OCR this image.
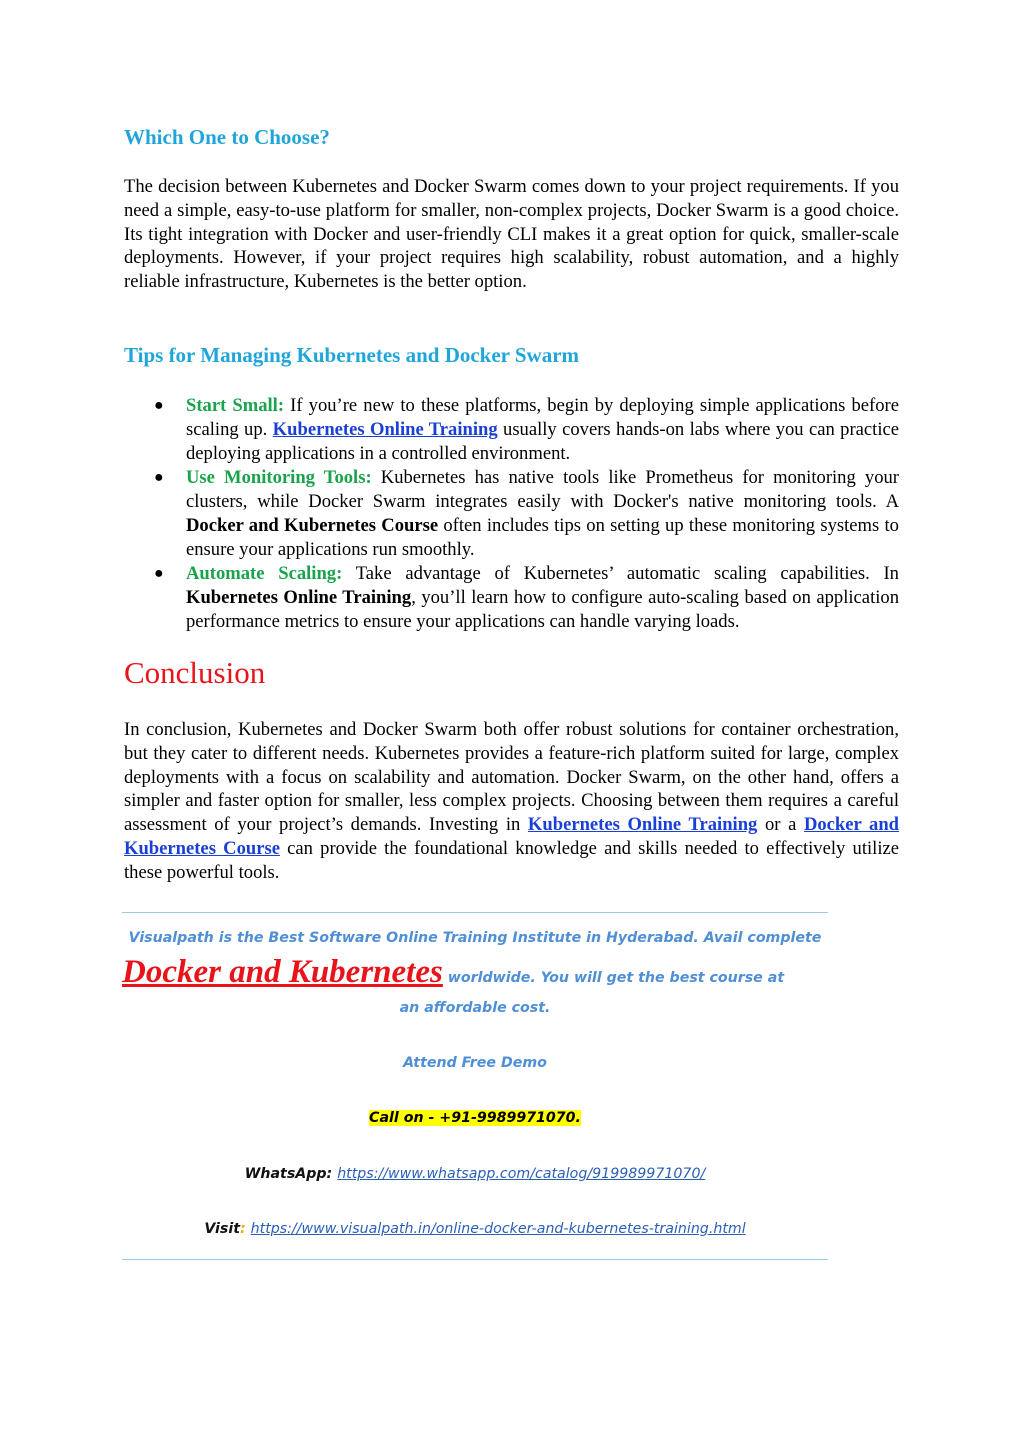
Which One to Choose?

The decision between Kubernetes and Docker Swarm comes down to your project requirements. If you need a simple, easy-to-use platform for smaller, non-complex projects, Docker Swarm is a good choice. Its tight integration with Docker and user-friendly CLI makes it a great option for quick, smaller-scale deployments. However, if your project requires high scalability, robust automation, and a highly reliable infrastructure, Kubernetes is the better option.

Tips for Managing Kubernetes and Docker Swarm
● Start Small: If you’re new to these platforms, begin by deploying simple applications before scaling up. Kubernetes Online Training usually covers hands-on labs where you can practice deploying applications in a controlled environment.
● Use Monitoring Tools: Kubernetes has native tools like Prometheus for monitoring your clusters, while Docker Swarm integrates easily with Docker's native monitoring tools. A Docker and Kubernetes Course often includes tips on setting up these monitoring systems to ensure your applications run smoothly.
● Automate Scaling: Take advantage of Kubernetes’ automatic scaling capabilities. In Kubernetes Online Training, you’ll learn how to configure auto-scaling based on application performance metrics to ensure your applications can handle varying loads.
Conclusion

In conclusion, Kubernetes and Docker Swarm both offer robust solutions for container orchestration, but they cater to different needs. Kubernetes provides a feature-rich platform suited for large, complex deployments with a focus on scalability and automation. Docker Swarm, on the other hand, offers a simpler and faster option for smaller, less complex projects. Choosing between them requires a careful assessment of your project’s demands. Investing in Kubernetes Online Training or a Docker and Kubernetes Course can provide the foundational knowledge and skills needed to effectively utilize these powerful tools.

Visualpath is the Best Software Online Training Institute in Hyderabad. Avail complete
Docker and Kubernetes worldwide. You will get the best course at
an affordable cost.
Attend Free Demo
Call on - +91-9989971070.
WhatsApp: https://www.whatsapp.com/catalog/919989971070/
Visit: https://www.visualpath.in/online-docker-and-kubernetes-training.html
